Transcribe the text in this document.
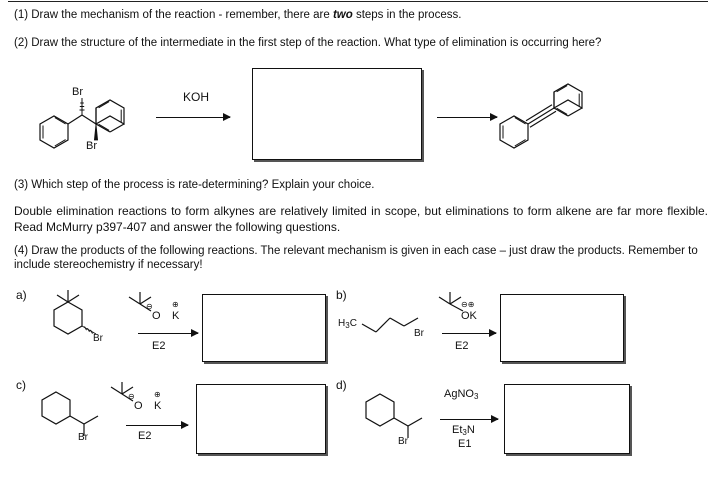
(1) Draw the mechanism of the reaction - remember, there are two steps in the process.
(2) Draw the structure of the intermediate in the first step of the reaction. What type of elimination is occurring here?
Br
Br
KOH
(3) Which step of the process is rate-determining? Explain your choice.
Double elimination reactions to form alkynes are relatively limited in scope, but eliminations to form alkene are far more flexible. Read McMurry p397-407 and answer the following questions.
(4) Draw the products of the following reactions. The relevant mechanism is given in each case – just draw the products. Remember to include stereochemistry if necessary!
a)
Br
O
⊖
K
⊕
E2
b)
$H_3C$
Br
OK
⊖⊕
E2
c)
Br
O
⊖
K
⊕
E2
d)
Br
AgNO$_3$
$Et_3N$
E1
